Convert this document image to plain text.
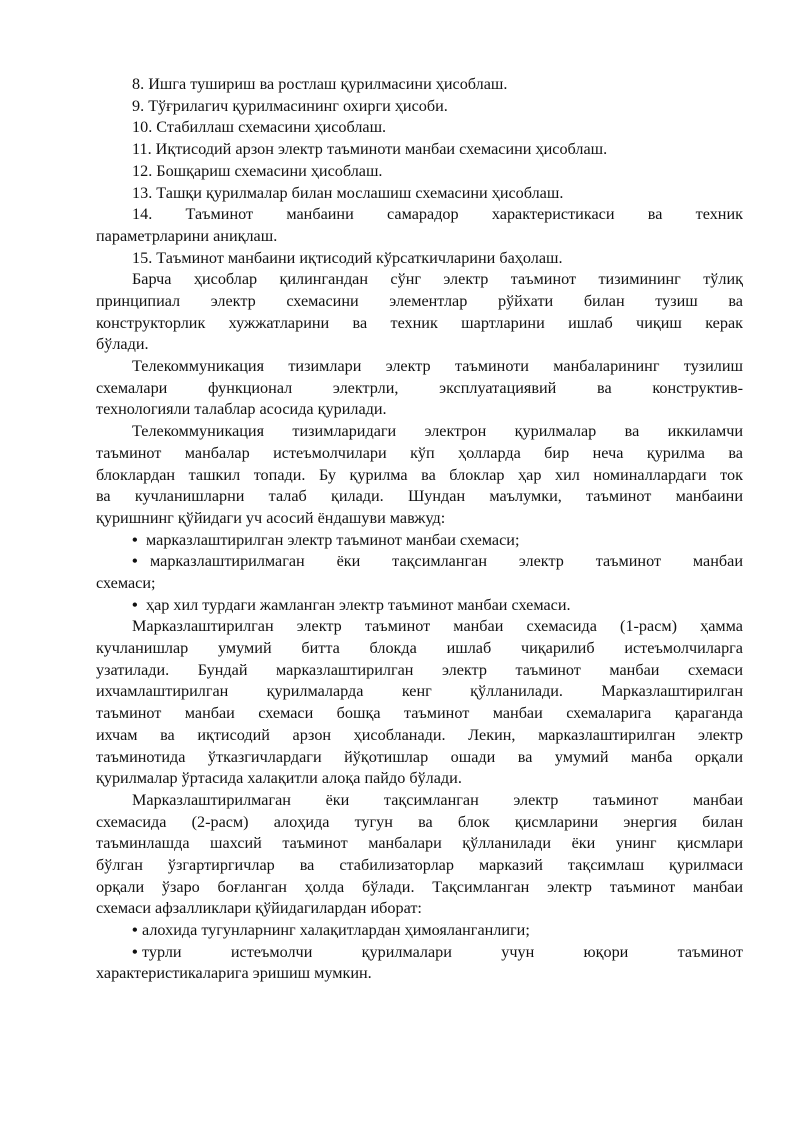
8. Ишга тушириш ва ростлаш қурилмасини ҳисоблаш.
9. Тўғрилагич қурилмасининг охирги ҳисоби.
10. Стабиллаш схемасини ҳисоблаш.
11. Иқтисодий арзон электр таъминоти манбаи схемасини ҳисоблаш.
12. Бошқариш схемасини ҳисоблаш.
13. Ташқи қурилмалар билан мослашиш схемасини ҳисоблаш.
14. Таъминот манбаини самарадор характеристикаси ва техник
параметрларини аниқлаш.
15. Таъминот манбаини иқтисодий кўрсаткичларини баҳолаш.
Барча ҳисоблар қилингандан сўнг электр таъминот тизимининг тўлиқ
принципиал электр схемасини элементлар рўйхати билан тузиш ва
конструкторлик хужжатларини ва техник шартларини ишлаб чиқиш керак
бўлади.
Телекоммуникация тизимлари электр таъминоти манбаларининг тузилиш
схемалари функционал электрли, эксплуатациявий ва конструктив-
технологияли талаблар асосида қурилади.
Телекоммуникация тизимларидаги электрон қурилмалар ва иккиламчи
таъминот манбалар истеъмолчилари кўп ҳолларда бир неча қурилма ва
блоклардан ташкил топади. Бу қурилма ва блоклар ҳар хил номиналлардаги ток
ва кучланишларни талаб қилади. Шундан маълумки, таъминот манбаини
қуришнинг қўйидаги уч асосий ёндашуви мавжуд:
• марказлаштирилган электр таъминот манбаи схемаси;
• марказлаштирилмаган ёки тақсимланган электр таъминот манбаи
схемаси;
• ҳар хил турдаги жамланган электр таъминот манбаи схемаси.
Марказлаштирилган электр таъминот манбаи схемасида (1-расм) ҳамма
кучланишлар умумий битта блокда ишлаб чиқарилиб истеъмолчиларга
узатилади. Бундай марказлаштирилган электр таъминот манбаи схемаси
ихчамлаштирилган қурилмаларда кенг қўлланилади. Марказлаштирилган
таъминот манбаи схемаси бошқа таъминот манбаи схемаларига қараганда
ихчам ва иқтисодий арзон ҳисобланади. Лекин, марказлаштирилган электр
таъминотида ўтказгичлардаги йўқотишлар ошади ва умумий манба орқали
қурилмалар ўртасида халақитли алоқа пайдо бўлади.
Марказлаштирилмаган ёки тақсимланган электр таъминот манбаи
схемасида (2-расм) алоҳида тугун ва блок қисмларини энергия билан
таъминлашда шахсий таъминот манбалари қўлланилади ёки унинг қисмлари
бўлган ўзгартиргичлар ва стабилизаторлар марказий тақсимлаш қурилмаси
орқали ўзаро боғланган ҳолда бўлади. Тақсимланган электр таъминот манбаи
схемаси афзалликлари қўйидагилардан иборат:
• алохида тугунларнинг халақитлардан ҳимояланганлиги;
• турли истеъмолчи қурилмалари учун юқори таъминот
характеристикаларига эришиш мумкин.
